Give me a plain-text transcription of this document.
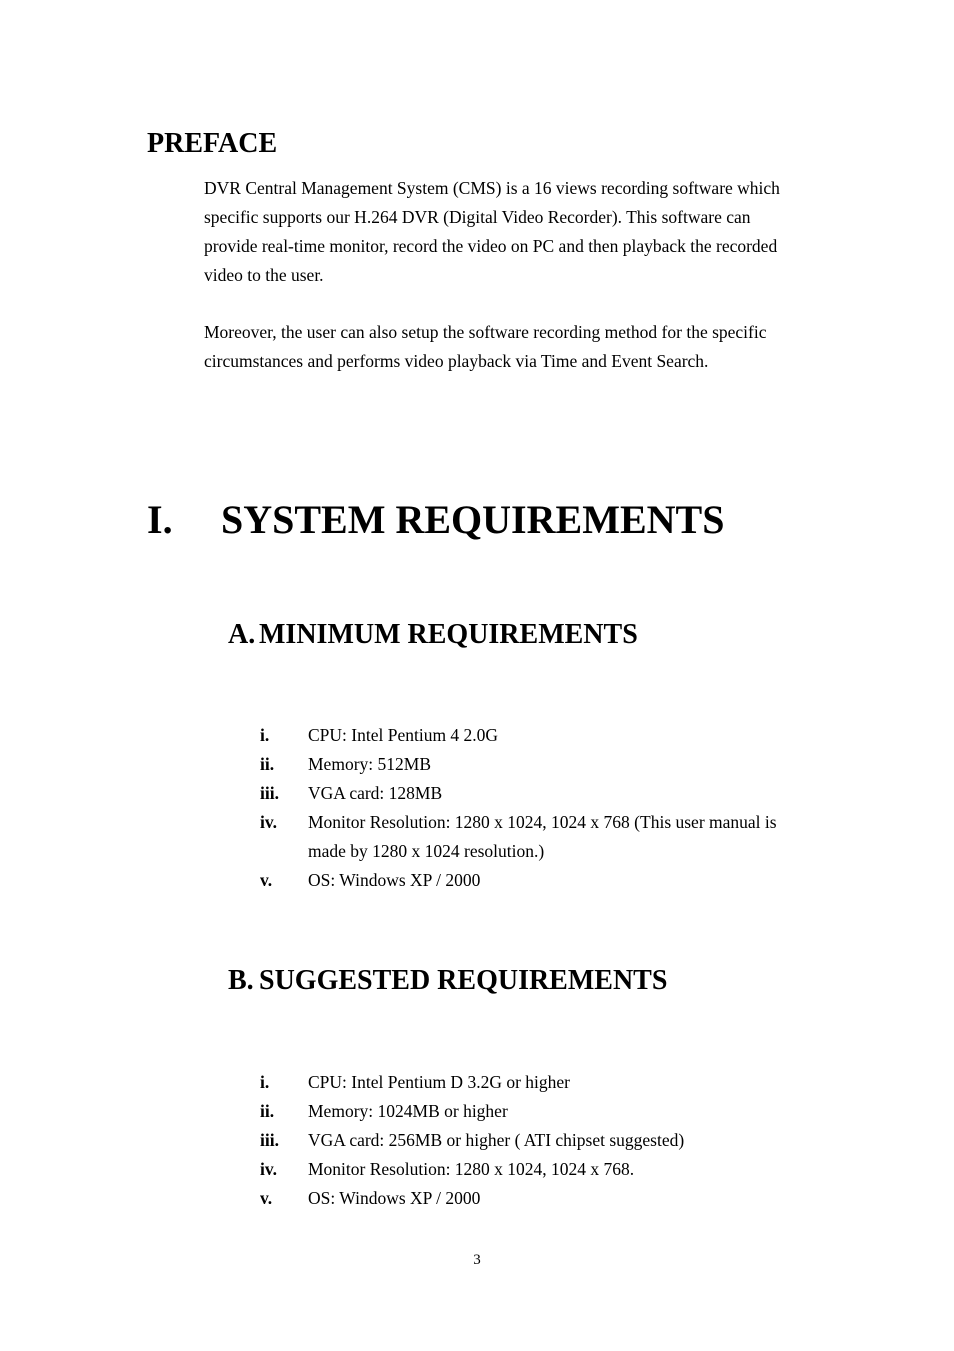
PREFACE

DVR Central Management System (CMS) is a 16 views recording software which specific supports our H.264 DVR (Digital Video Recorder). This software can provide real-time monitor, record the video on PC and then playback the recorded video to the user.

Moreover, the user can also setup the software recording method for the specific circumstances and performs video playback via Time and Event Search.

I. SYSTEM REQUIREMENTS
A. MINIMUM REQUIREMENTS
i.	CPU: Intel Pentium 4 2.0G
ii.	Memory: 512MB
iii.	VGA card: 128MB
iv.	Monitor Resolution: 1280 x 1024, 1024 x 768 (This user manual is made by 1280 x 1024 resolution.)
v.	OS: Windows XP / 2000
B. SUGGESTED REQUIREMENTS
i.	CPU: Intel Pentium D 3.2G or higher
ii.	Memory: 1024MB or higher
iii.	VGA card: 256MB or higher ( ATI chipset suggested)
iv.	Monitor Resolution: 1280 x 1024, 1024 x 768.
v.	OS: Windows XP / 2000
3
